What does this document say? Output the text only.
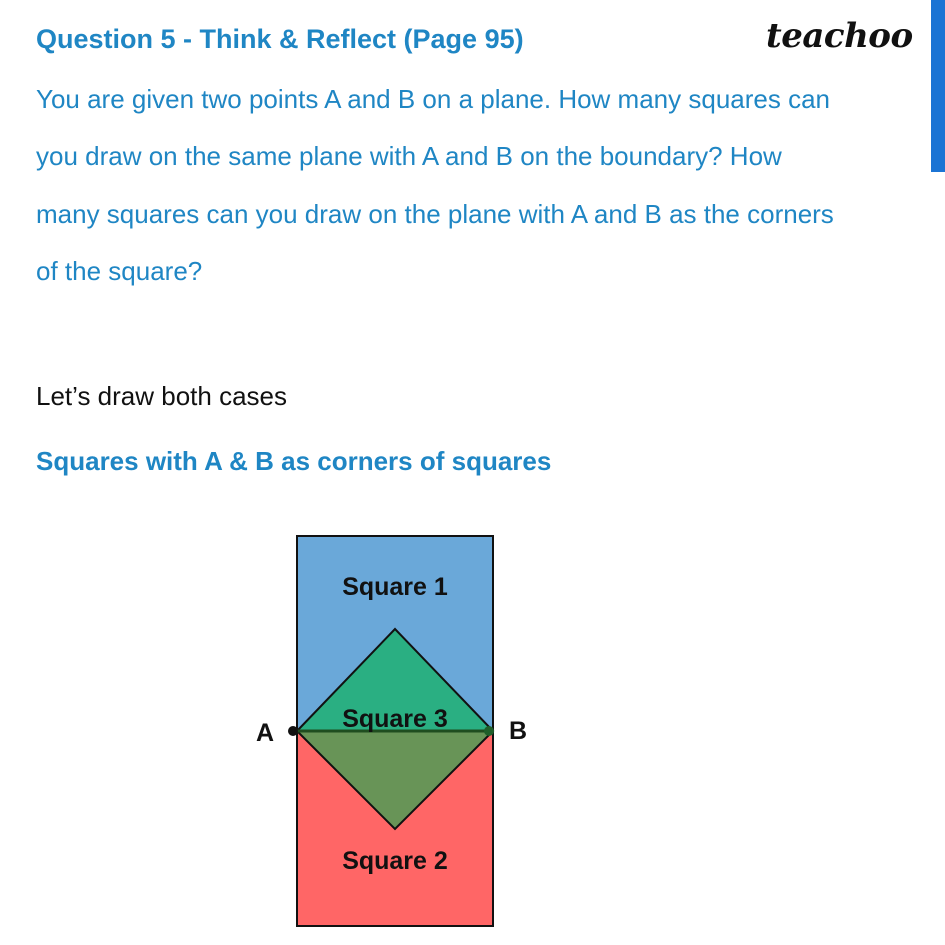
Question 5 - Think & Reflect (Page 95)	teachoo
You are given two points A and B on a plane. How many squares can
you draw on the same plane with A and B on the boundary? How
many squares can you draw on the plane with A and B as the corners
of the square?
Let’s draw both cases
Squares with A & B as corners of squares
Square 1
Square 3
Square 2
A	B
